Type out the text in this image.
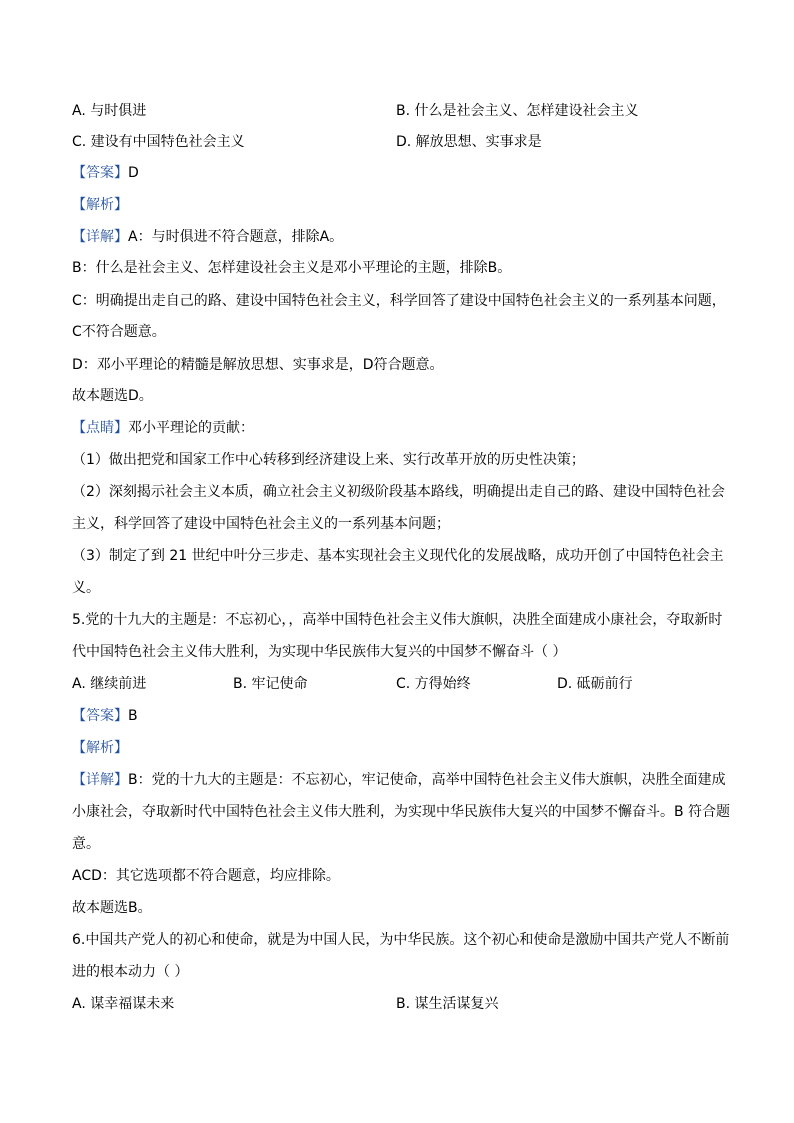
A. 与时俱进	B. 什么是社会主义、怎样建设社会主义
C. 建设有中国特色社会主义	D. 解放思想、实事求是
【答案】D
【解析】
【详解】A：与时俱进不符合题意，排除A。
B：什么是社会主义、怎样建设社会主义是邓小平理论的主题，排除B。
C：明确提出走自己的路、建设中国特色社会主义，科学回答了建设中国特色社会主义的一系列基本问题，
C不符合题意。
D：邓小平理论的精髓是解放思想、实事求是，D符合题意。
故本题选D。
【点睛】邓小平理论的贡献：
（1）做出把党和国家工作中心转移到经济建设上来、实行改革开放的历史性决策；
（2）深刻揭示社会主义本质，确立社会主义初级阶段基本路线，明确提出走自己的路、建设中国特色社会
主义，科学回答了建设中国特色社会主义的一系列基本问题；
（3）制定了到 21 世纪中叶分三步走、基本实现社会主义现代化的发展战略，成功开创了中国特色社会主
义。
5.党的十九大的主题是：不忘初心，，高举中国特色社会主义伟大旗帜，决胜全面建成小康社会，夺取新时
代中国特色社会主义伟大胜利，为实现中华民族伟大复兴的中国梦不懈奋斗（ ）
A. 继续前进	B. 牢记使命	C. 方得始终	D. 砥砺前行
【答案】B
【解析】
【详解】B：党的十九大的主题是：不忘初心，牢记使命，高举中国特色社会主义伟大旗帜，决胜全面建成
小康社会，夺取新时代中国特色社会主义伟大胜利，为实现中华民族伟大复兴的中国梦不懈奋斗。B 符合题
意。
ACD：其它选项都不符合题意，均应排除。
故本题选B。
6.中国共产党人的初心和使命，就是为中国人民，为中华民族。这个初心和使命是激励中国共产党人不断前
进的根本动力（ ）
A. 谋幸福谋未来	B. 谋生活谋复兴
